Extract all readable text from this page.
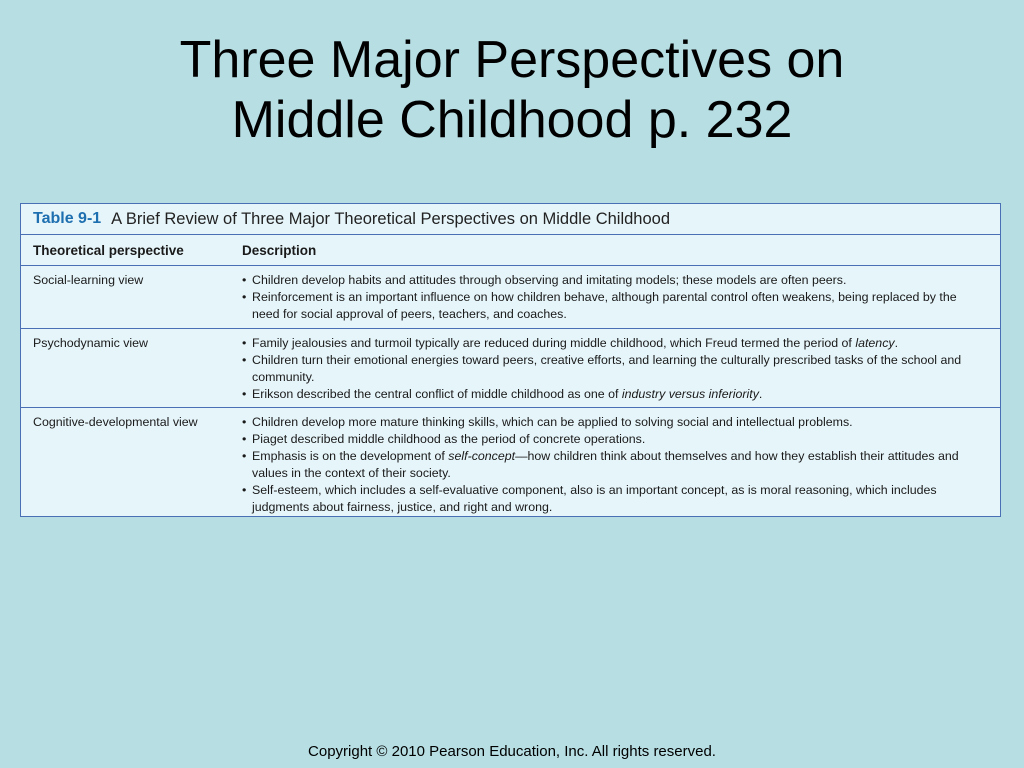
Three Major Perspectives on
Middle Childhood p. 232
Table 9-1 A Brief Review of Three Major Theoretical Perspectives on Middle Childhood
Theoretical perspective	Description
Social-learning view	• Children develop habits and attitudes through observing and imitating models; these models are often peers.
• Reinforcement is an important influence on how children behave, although parental control often weakens, being replaced by the need for social approval of peers, teachers, and coaches.
Psychodynamic view	• Family jealousies and turmoil typically are reduced during middle childhood, which Freud termed the period of latency.
• Children turn their emotional energies toward peers, creative efforts, and learning the culturally prescribed tasks of the school and community.
• Erikson described the central conflict of middle childhood as one of industry versus inferiority.
Cognitive-developmental view	• Children develop more mature thinking skills, which can be applied to solving social and intellectual problems.
• Piaget described middle childhood as the period of concrete operations.
• Emphasis is on the development of self-concept—how children think about themselves and how they establish their attitudes and values in the context of their society.
• Self-esteem, which includes a self-evaluative component, also is an important concept, as is moral reasoning, which includes judgments about fairness, justice, and right and wrong.
Copyright © 2010 Pearson Education, Inc. All rights reserved.
